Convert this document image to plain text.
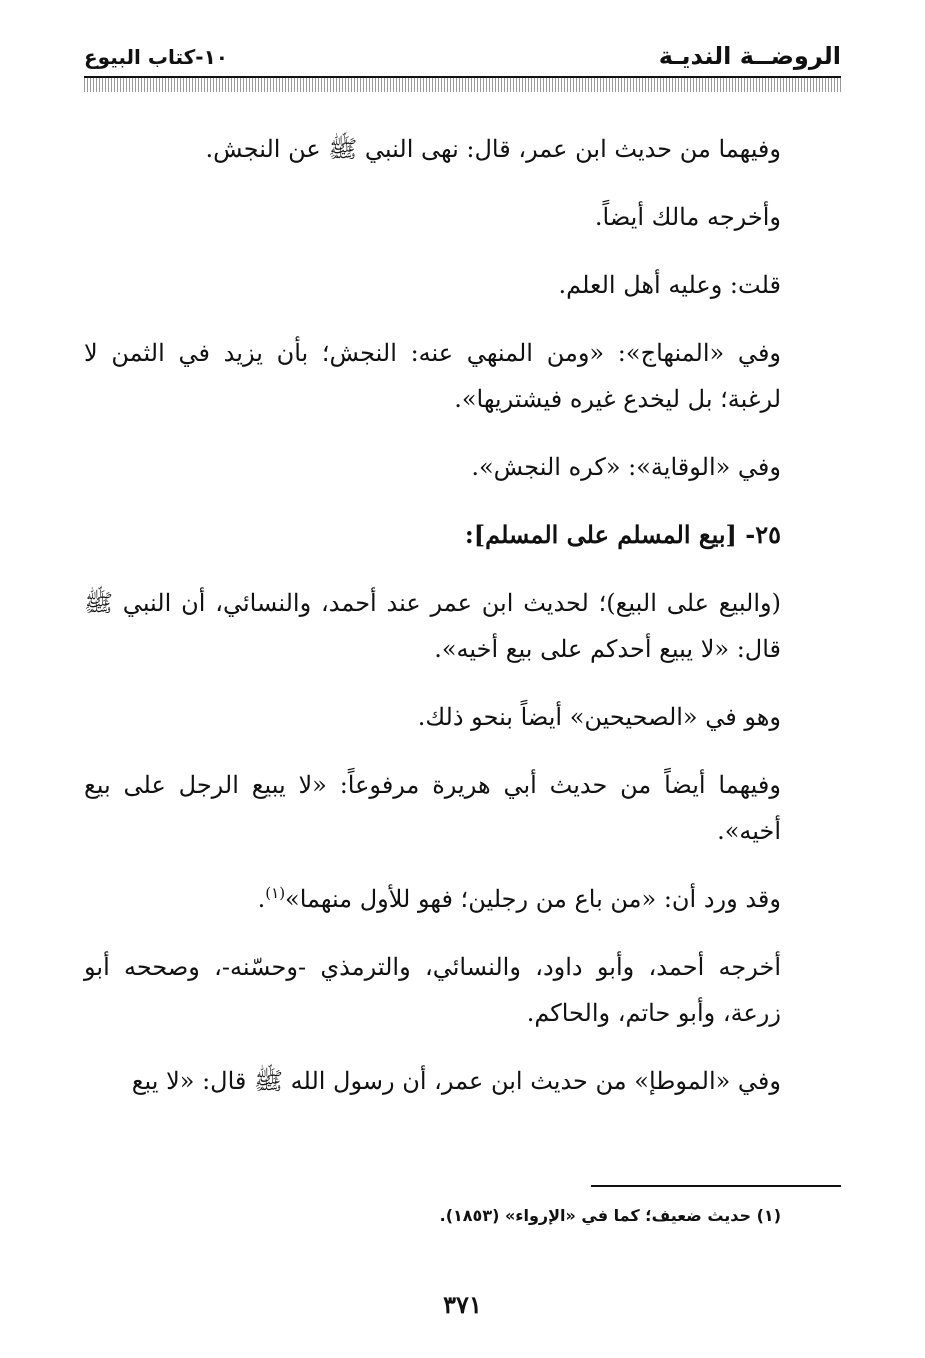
الروضــة النديـة
١٠-كتاب البيوع

وفيهما من حديث ابن عمر، قال: نهى النبي ﷺ عن النجش.

وأخرجه مالك أيضاً.

قلت: وعليه أهل العلم.

وفي «المنهاج»: «ومن المنهي عنه: النجش؛ بأن يزيد في الثمن لا لرغبة؛ بل ليخدع غيره فيشتريها».

وفي «الوقاية»: «كره النجش».

٢٥- [بيع المسلم على المسلم]:

(والبيع على البيع)؛ لحديث ابن عمر عند أحمد، والنسائي، أن النبي ﷺ قال: «لا يبيع أحدكم على بيع أخيه».

وهو في «الصحيحين» أيضاً بنحو ذلك.

وفيهما أيضاً من حديث أبي هريرة مرفوعاً: «لا يبيع الرجل على بيع أخيه».

وقد ورد أن: «من باع من رجلين؛ فهو للأول منهما»$^{(١)}$.

أخرجه أحمد، وأبو داود، والنسائي، والترمذي -وحسّنه-، وصححه أبو زرعة، وأبو حاتم، والحاكم.

وفي «الموطإ» من حديث ابن عمر، أن رسول الله ﷺ قال: «لا يبع

(١) حديث ضعيف؛ كما في «الإرواء» (١٨٥٣).
٣٧١
